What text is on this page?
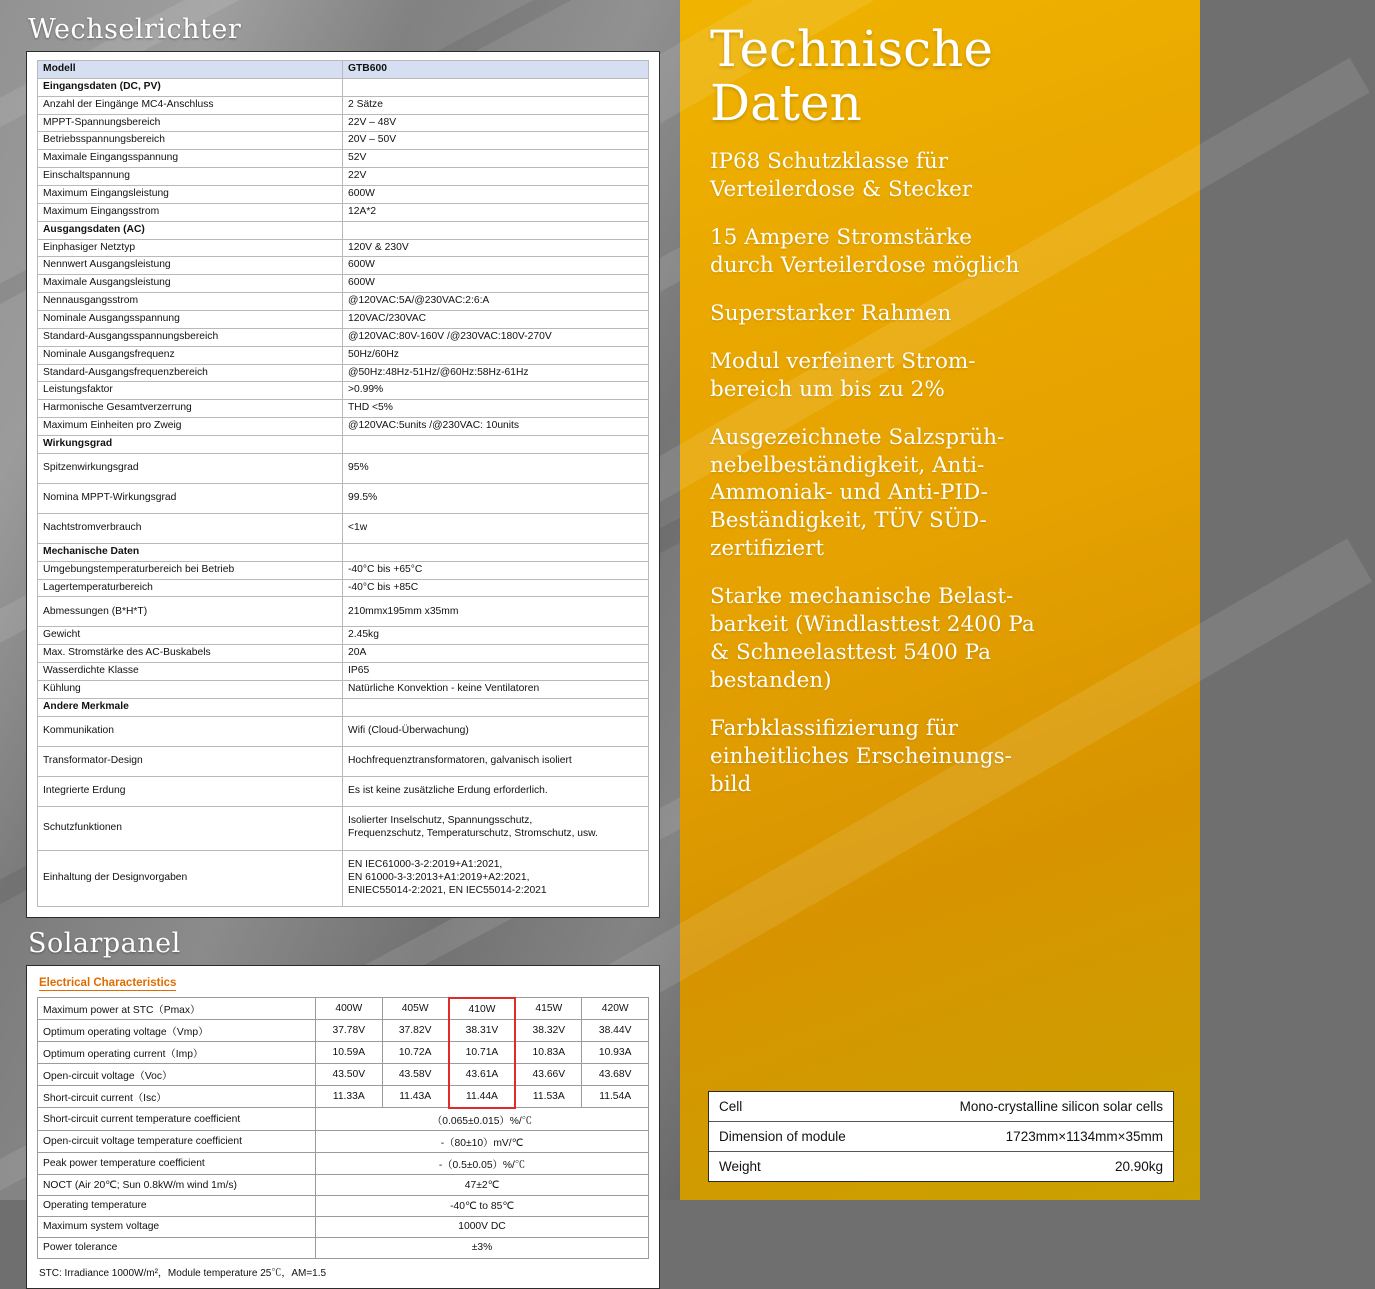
Wechselrichter
Modell	GTB600
Eingangsdaten (DC, PV)	
Anzahl der Eingänge MC4-Anschluss	2 Sätze
MPPT-Spannungsbereich	22V – 48V
Betriebsspannungsbereich	20V – 50V
Maximale Eingangsspannung	52V
Einschaltspannung	22V
Maximum Eingangsleistung	600W
Maximum Eingangsstrom	12A*2
Ausgangsdaten (AC)	
Einphasiger Netztyp	120V & 230V
Nennwert Ausgangsleistung	600W
Maximale Ausgangsleistung	600W
Nennausgangsstrom	@120VAC:5A/@230VAC:2:6:A
Nominale Ausgangsspannung	120VAC/230VAC
Standard-Ausgangsspannungsbereich	@120VAC:80V-160V /@230VAC:180V-270V
Nominale Ausgangsfrequenz	50Hz/60Hz
Standard-Ausgangsfrequenzbereich	@50Hz:48Hz-51Hz/@60Hz:58Hz-61Hz
Leistungsfaktor	>0.99%
Harmonische Gesamtverzerrung	THD <5%
Maximum Einheiten pro Zweig	@120VAC:5units /@230VAC: 10units
Wirkungsgrad	
Spitzenwirkungsgrad	95%
Nomina MPPT-Wirkungsgrad	99.5%
Nachtstromverbrauch	<1w
Mechanische Daten	
Umgebungstemperaturbereich bei Betrieb	-40°C bis +65°C
Lagertemperaturbereich	-40°C bis +85C
Abmessungen (B*H*T)	210mmx195mm x35mm
Gewicht	2.45kg
Max. Stromstärke des AC-Buskabels	20A
Wasserdichte Klasse	IP65
Kühlung	Natürliche Konvektion - keine Ventilatoren
Andere Merkmale	
Kommunikation	Wifi (Cloud-Überwachung)
Transformator-Design	Hochfrequenztransformatoren, galvanisch isoliert
Integrierte Erdung	Es ist keine zusätzliche Erdung erforderlich.
Schutzfunktionen	Isolierter Inselschutz, Spannungsschutz,
Frequenzschutz, Temperaturschutz, Stromschutz, usw.
Einhaltung der Designvorgaben	EN IEC61000-3-2:2019+A1:2021,
EN 61000-3-3:2013+A1:2019+A2:2021,
ENIEC55014-2:2021, EN IEC55014-2:2021
Solarpanel
Electrical Characteristics
Maximum power at STC（Pmax）	400W	405W	410W	415W	420W
Optimum operating voltage（Vmp）	37.78V	37.82V	38.31V	38.32V	38.44V
Optimum operating current（Imp）	10.59A	10.72A	10.71A	10.83A	10.93A
Open-circuit voltage（Voc）	43.50V	43.58V	43.61A	43.66V	43.68V
Short-circuit current（Isc）	11.33A	11.43A	11.44A	11.53A	11.54A
Short-circuit current temperature coefficient	（0.065±0.015）%/℃				
Open-circuit voltage temperature coefficient	-（80±10）mV/℃				
Peak power temperature coefficient	-（0.5±0.05）%/℃				
NOCT (Air 20℃; Sun 0.8kW/m wind 1m/s)	47±2℃				
Operating temperature	-40℃ to 85℃				
Maximum system voltage	1000V DC				
Power tolerance	±3%				
STC: Irradiance 1000W/m²，Module temperature 25℃，AM=1.5
Technische
Daten
IP68 Schutzklasse für
Verteilerdose & Stecker
15 Ampere Stromstärke
durch Verteilerdose möglich
Superstarker Rahmen
Modul verfeinert Strom-
bereich um bis zu 2%
Ausgezeichnete Salzsprüh-
nebelbeständigkeit, Anti-
Ammoniak- und Anti-PID-
Beständigkeit, TÜV SÜD-
zertifiziert
Starke mechanische Belast-
barkeit (Windlasttest 2400 Pa
& Schneelasttest 5400 Pa
bestanden)
Farbklassifizierung für
einheitliches Erscheinungs-
bild
Cell	Mono-crystalline silicon solar cells
Dimension of module	1723mm×1134mm×35mm
Weight	20.90kg
